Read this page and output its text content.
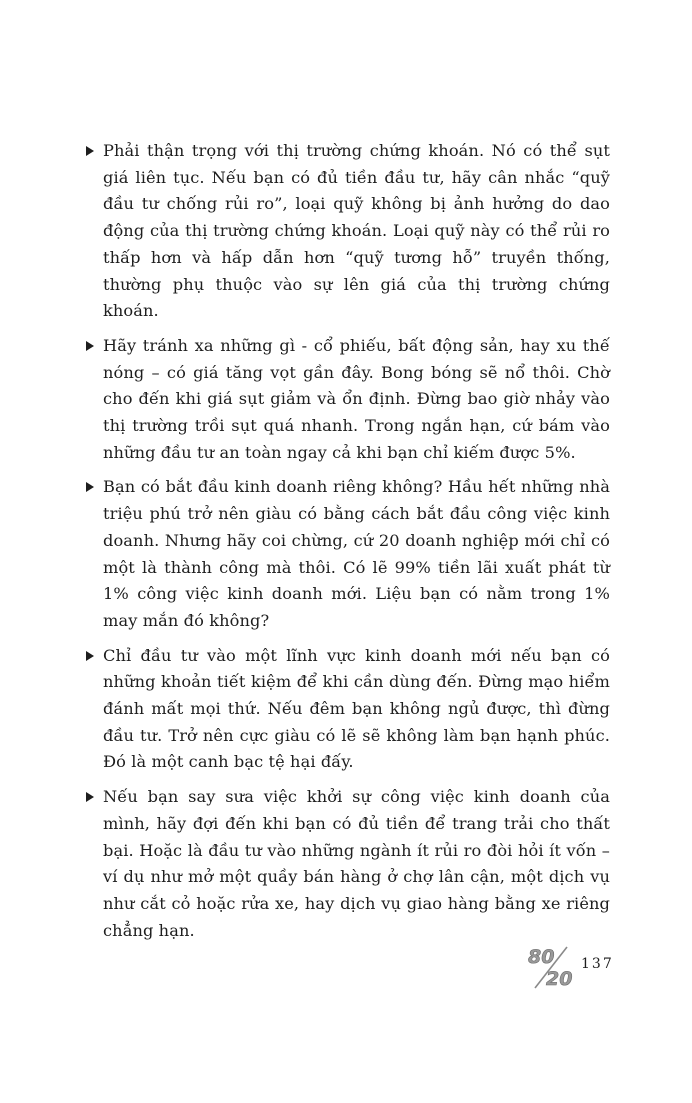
Phải thận trọng với thị trường chứng khoán. Nó có thể sụt giá liên tục. Nếu bạn có đủ tiền đầu tư, hãy cân nhắc “quỹ đầu tư chống rủi ro”, loại quỹ không bị ảnh hưởng do dao động của thị trường chứng khoán. Loại quỹ này có thể rủi ro thấp hơn và hấp dẫn hơn “quỹ tương hỗ” truyền thống, thường phụ thuộc vào sự lên giá của thị trường chứng khoán.
Hãy tránh xa những gì - cổ phiếu, bất động sản, hay xu thế nóng – có giá tăng vọt gần đây. Bong bóng sẽ nổ thôi. Chờ cho đến khi giá sụt giảm và ổn định. Đừng bao giờ nhảy vào thị trường trồi sụt quá nhanh. Trong ngắn hạn, cứ bám vào những đầu tư an toàn ngay cả khi bạn chỉ kiếm được 5%.
Bạn có bắt đầu kinh doanh riêng không? Hầu hết những nhà triệu phú trở nên giàu có bằng cách bắt đầu công việc kinh doanh. Nhưng hãy coi chừng, cứ 20 doanh nghiệp mới chỉ có một là thành công mà thôi. Có lẽ 99% tiền lãi xuất phát từ 1% công việc kinh doanh mới. Liệu bạn có nằm trong 1% may mắn đó không?
Chỉ đầu tư vào một lĩnh vực kinh doanh mới nếu bạn có những khoản tiết kiệm để khi cần dùng đến. Đừng mạo hiểm đánh mất mọi thứ. Nếu đêm bạn không ngủ được, thì đừng đầu tư. Trở nên cực giàu có lẽ sẽ không làm bạn hạnh phúc. Đó là một canh bạc tệ hại đấy.
Nếu bạn say sưa việc khởi sự công việc kinh doanh của mình, hãy đợi đến khi bạn có đủ tiền để trang trải cho thất bại. Hoặc là đầu tư vào những ngành ít rủi ro đòi hỏi ít vốn – ví dụ như mở một quầy bán hàng ở chợ lân cận, một dịch vụ như cắt cỏ hoặc rửa xe, hay dịch vụ giao hàng bằng xe riêng chẳng hạn.
80
20
137
